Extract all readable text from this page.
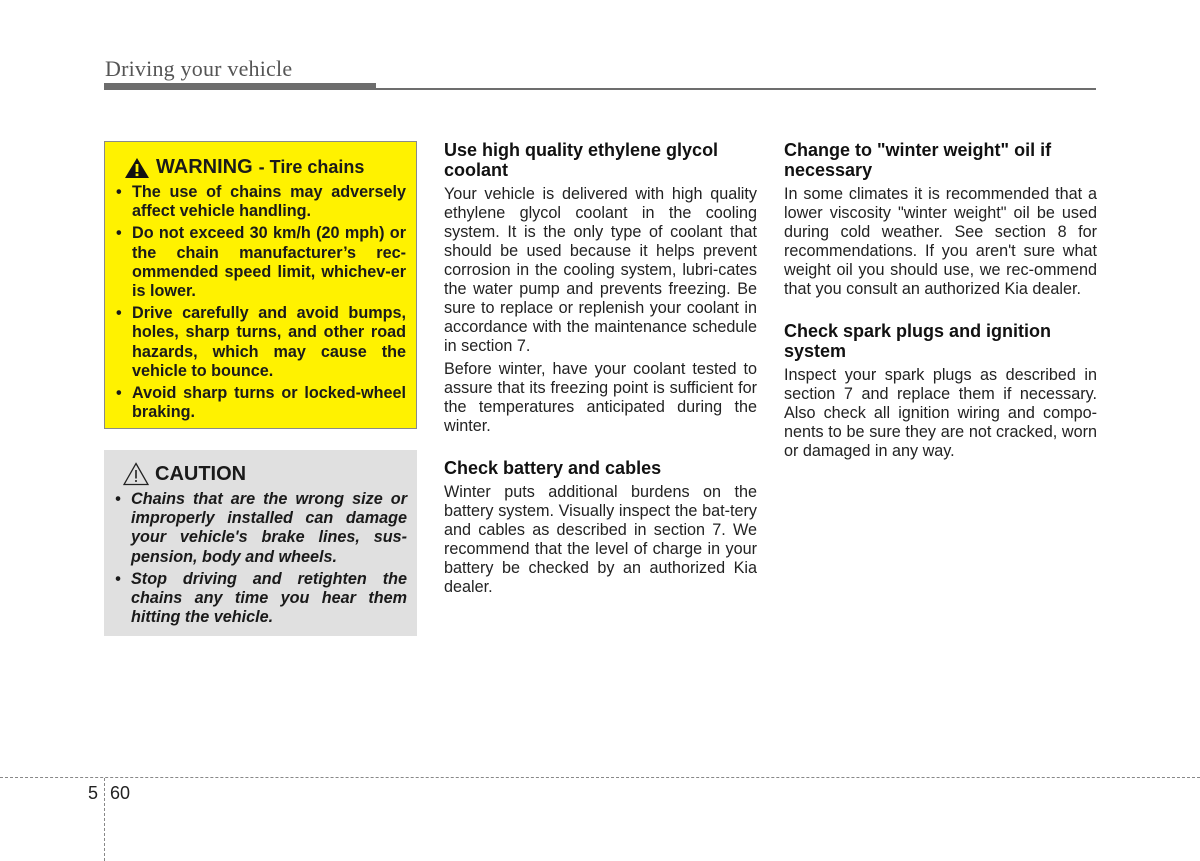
Driving your vehicle
WARNING - Tire chains
• The use of chains may adversely affect vehicle handling.
• Do not exceed 30 km/h (20 mph) or the chain manufacturer’s rec-ommended speed limit, whichev-er is lower.
• Drive carefully and avoid bumps, holes, sharp turns, and other road hazards, which may cause the vehicle to bounce.
• Avoid sharp turns or locked-wheel braking.
CAUTION
• Chains that are the wrong size or improperly installed can damage your vehicle's brake lines, sus-pension, body and wheels.
• Stop driving and retighten the chains any time you hear them hitting the vehicle.
Use high quality ethylene glycol coolant

Your vehicle is delivered with high quality ethylene glycol coolant in the cooling system. It is the only type of coolant that should be used because it helps prevent corrosion in the cooling system, lubri-cates the water pump and prevents freezing. Be sure to replace or replenish your coolant in accordance with the maintenance schedule in section 7.

Before winter, have your coolant tested to assure that its freezing point is sufficient for the temperatures anticipated during the winter.

Check battery and cables

Winter puts additional burdens on the battery system. Visually inspect the bat-tery and cables as described in section 7. We recommend that the level of charge in your battery be checked by an authorized Kia dealer.

Change to "winter weight" oil if necessary

In some climates it is recommended that a lower viscosity "winter weight" oil be used during cold weather. See section 8 for recommendations. If you aren't sure what weight oil you should use, we rec-ommend that you consult an authorized Kia dealer.

Check spark plugs and ignition system

Inspect your spark plugs as described in section 7 and replace them if necessary. Also check all ignition wiring and compo-nents to be sure they are not cracked, worn or damaged in any way.

5 60
